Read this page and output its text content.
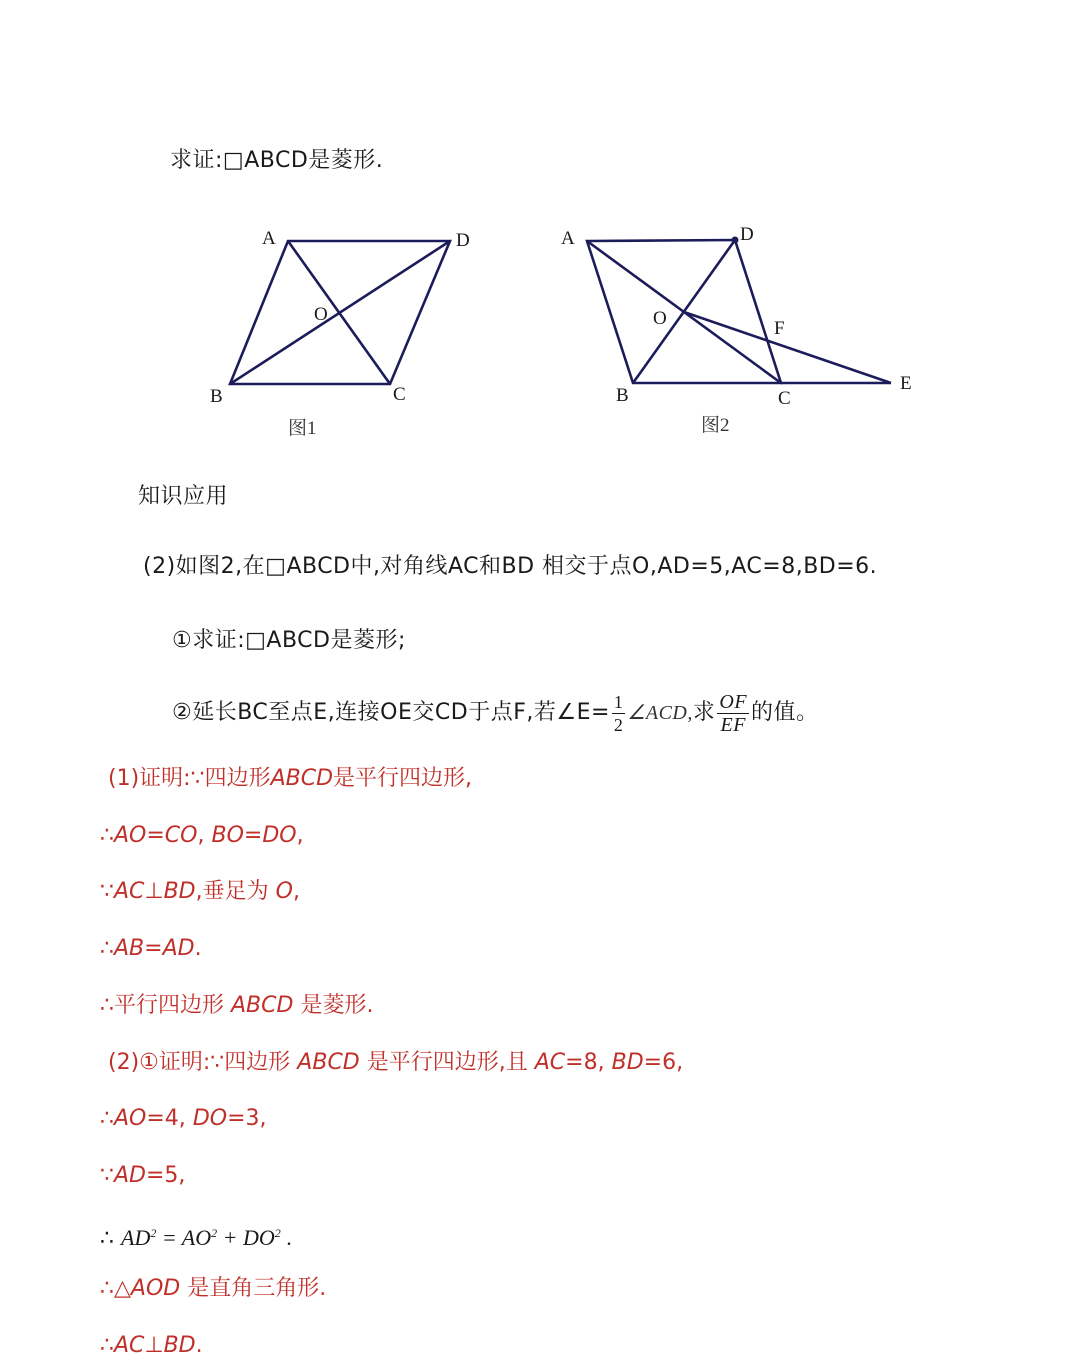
求证:□ABCD是菱形.
A	D
O
B	C
图1
A	D
O	F
E
B	C
图2
知识应用
(2)如图2,在□ABCD中,对角线AC和BD 相交于点O,AD=5,AC=8,BD=6.
①求证:□ABCD是菱形;
②延长BC至点E,连接OE交CD于点F,若∠E= $\frac{1}{2}$ ∠ACD,求 $\frac{OF}{EF}$ 的值。
(1)证明:∵四边形ABCD是平行四边形,
∴AO=CO, BO=DO,
∵AC⊥BD,垂足为 O,
∴AB=AD.
∴平行四边形 ABCD 是菱形.
(2)①证明:∵四边形 ABCD 是平行四边形,且 AC=8, BD=6,
∴AO=4, DO=3,
∵AD=5,
∴ $AD^2 = AO^2 + DO^2$ .
∴△AOD 是直角三角形.
∴AC⊥BD.
